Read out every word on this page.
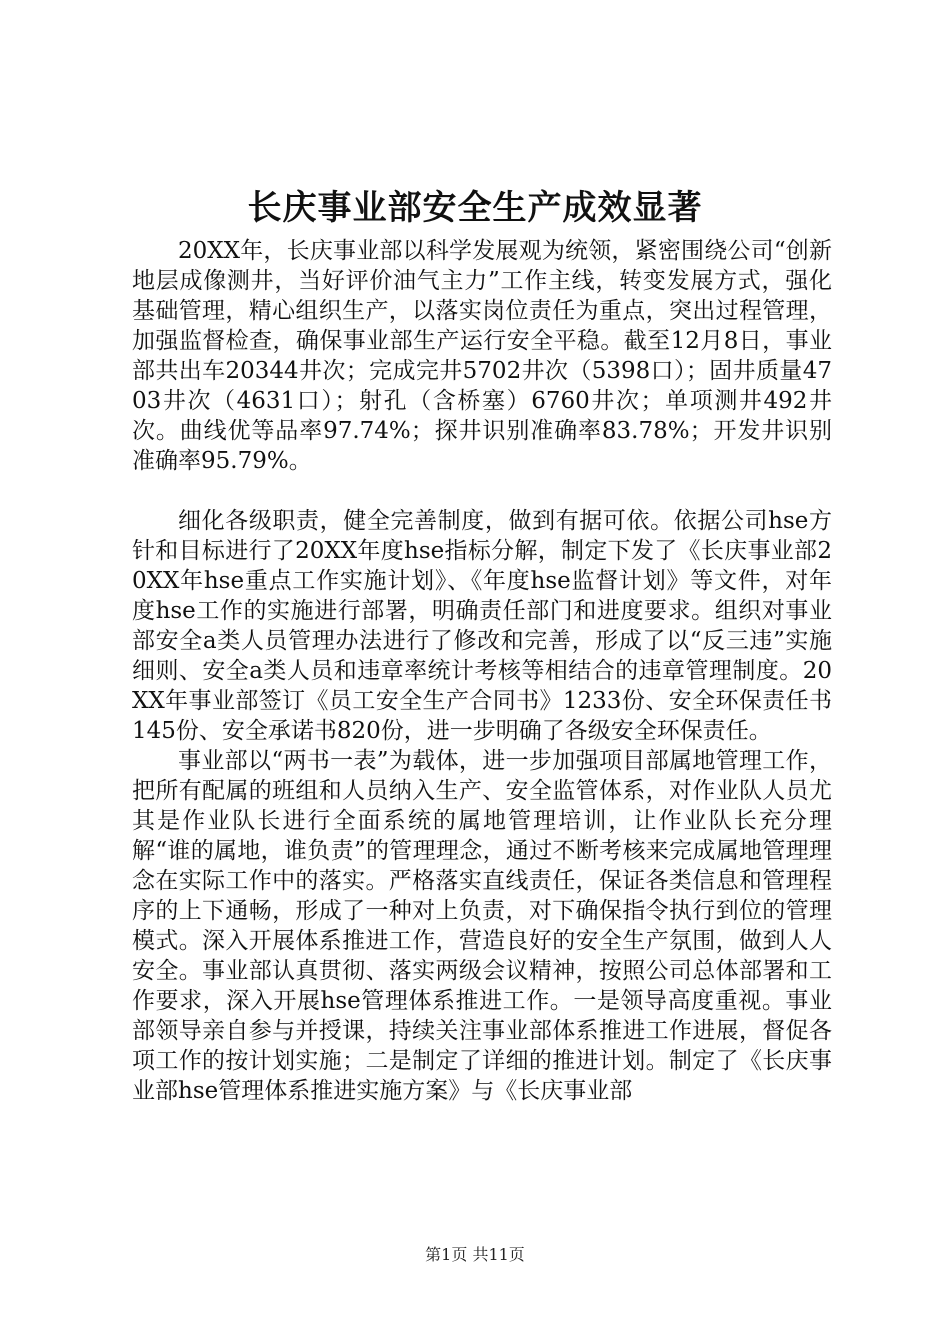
长庆事业部安全生产成效显著

20XX年，长庆事业部以科学发展观为统领，紧密围绕公司“创新地层成像测井，当好评价油气主力”工作主线，转变发展方式，强化基础管理，精心组织生产，以落实岗位责任为重点，突出过程管理，加强监督检查，确保事业部生产运行安全平稳。截至12月8日，事业部共出车20344井次；完成完井5702井次（5398口）；固井质量4703井次（4631口）；射孔（含桥塞）6760井次；单项测井492井次。曲线优等品率97.74%；探井识别准确率83.78%；开发井识别准确率95.79%。

细化各级职责，健全完善制度，做到有据可依。依据公司hse方针和目标进行了20XX年度hse指标分解，制定下发了《长庆事业部20XX年hse重点工作实施计划》、《年度hse监督计划》等文件，对年度hse工作的实施进行部署，明确责任部门和进度要求。组织对事业部安全a类人员管理办法进行了修改和完善，形成了以“反三违”实施细则、安全a类人员和违章率统计考核等相结合的违章管理制度。20XX年事业部签订《员工安全生产合同书》1233份、安全环保责任书145份、安全承诺书820份，进一步明确了各级安全环保责任。

事业部以“两书一表”为载体，进一步加强项目部属地管理工作，把所有配属的班组和人员纳入生产、安全监管体系，对作业队人员尤其是作业队长进行全面系统的属地管理培训，让作业队长充分理解“谁的属地，谁负责”的管理理念，通过不断考核来完成属地管理理念在实际工作中的落实。严格落实直线责任，保证各类信息和管理程序的上下通畅，形成了一种对上负责，对下确保指令执行到位的管理模式。深入开展体系推进工作，营造良好的安全生产氛围，做到人人安全。事业部认真贯彻、落实两级会议精神，按照公司总体部署和工作要求，深入开展hse管理体系推进工作。一是领导高度重视。事业部领导亲自参与并授课，持续关注事业部体系推进工作进展，督促各项工作的按计划实施；二是制定了详细的推进计划。制定了《长庆事业部hse管理体系推进实施方案》与《长庆事业部

第1页 共11页
